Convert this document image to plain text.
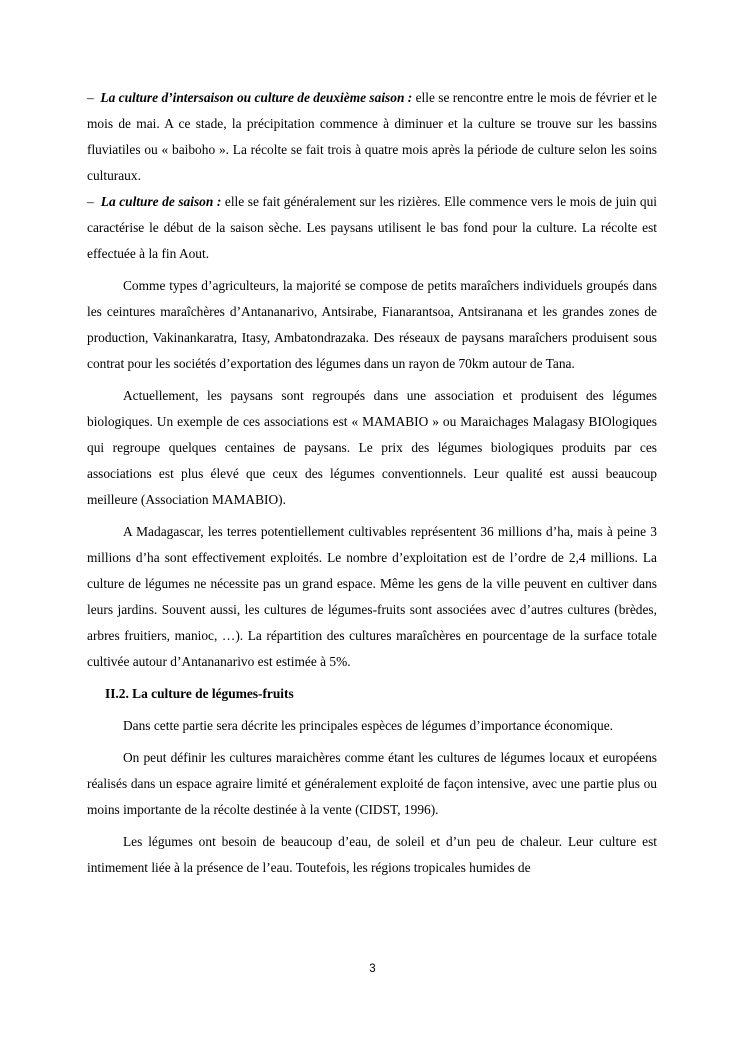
– La culture d’intersaison ou culture de deuxième saison : elle se rencontre entre le mois de février et le mois de mai. A ce stade, la précipitation commence à diminuer et la culture se trouve sur les bassins fluviatiles ou « baiboho ». La récolte se fait trois à quatre mois après la période de culture selon les soins culturaux.

– La culture de saison : elle se fait généralement sur les rizières. Elle commence vers le mois de juin qui caractérise le début de la saison sèche. Les paysans utilisent le bas fond pour la culture. La récolte est effectuée à la fin Aout.

Comme types d’agriculteurs, la majorité se compose de petits maraîchers individuels groupés dans les ceintures maraîchères d’Antananarivo, Antsirabe, Fianarantsoa, Antsiranana et les grandes zones de production, Vakinankaratra, Itasy, Ambatondrazaka. Des réseaux de paysans maraîchers produisent sous contrat pour les sociétés d’exportation des légumes dans un rayon de 70km autour de Tana.

Actuellement, les paysans sont regroupés dans une association et produisent des légumes biologiques. Un exemple de ces associations est « MAMABIO » ou Maraichages Malagasy BIOlogiques qui regroupe quelques centaines de paysans. Le prix des légumes biologiques produits par ces associations est plus élevé que ceux des légumes conventionnels. Leur qualité est aussi beaucoup meilleure (Association MAMABIO).

A Madagascar, les terres potentiellement cultivables représentent 36 millions d’ha, mais à peine 3 millions d’ha sont effectivement exploités. Le nombre d’exploitation est de l’ordre de 2,4 millions. La culture de légumes ne nécessite pas un grand espace. Même les gens de la ville peuvent en cultiver dans leurs jardins. Souvent aussi, les cultures de légumes-fruits sont associées avec d’autres cultures (brèdes, arbres fruitiers, manioc, …). La répartition des cultures maraîchères en pourcentage de la surface totale cultivée autour d’Antananarivo est estimée à 5%.

II.2. La culture de légumes-fruits

Dans cette partie sera décrite les principales espèces de légumes d’importance économique.

On peut définir les cultures maraichères comme étant les cultures de légumes locaux et européens réalisés dans un espace agraire limité et généralement exploité de façon intensive, avec une partie plus ou moins importante de la récolte destinée à la vente (CIDST, 1996).

Les légumes ont besoin de beaucoup d’eau, de soleil et d’un peu de chaleur. Leur culture est intimement liée à la présence de l’eau. Toutefois, les régions tropicales humides de

3
